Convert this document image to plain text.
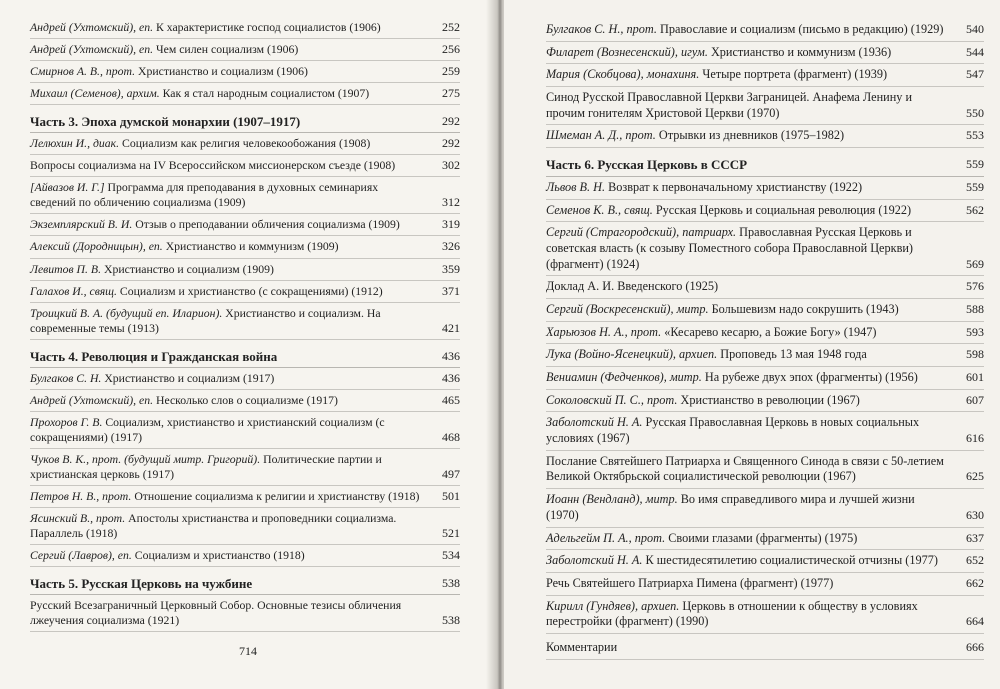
Андрей (Ухтомский), еп. К характеристике господ социалистов (1906)	252
Андрей (Ухтомский), еп. Чем силен социализм (1906)	256
Смирнов А. В., прот. Христианство и социализм (1906)	259
Михаил (Семенов), архим. Как я стал народным социалистом (1907)	275
Часть 3. Эпоха думской монархии (1907–1917)	292
Лелюхин И., диак. Социализм как религия человекообожания (1908)	292
Вопросы социализма на IV Всероссийском миссионерском съезде (1908)	302
[Айвазов И. Г.] Программа для преподавания в духовных семинариях сведений по обличению социализма (1909)	312
Экземплярский В. И. Отзыв о преподавании обличения социализма (1909)	319
Алексий (Дородницын), еп. Христианство и коммунизм (1909)	326
Левитов П. В. Христианство и социализм (1909)	359
Галахов И., свящ. Социализм и христианство (с сокращениями) (1912)	371
Троицкий В. А. (будущий еп. Иларион). Христианство и социализм. На современные темы (1913)	421
Часть 4. Революция и Гражданская война	436
Булгаков С. Н. Христианство и социализм (1917)	436
Андрей (Ухтомский), еп. Несколько слов о социализме (1917)	465
Прохоров Г. В. Социализм, христианство и христианский социализм (с сокращениями) (1917)	468
Чуков В. К., прот. (будущий митр. Григорий). Политические партии и христианская церковь (1917)	497
Петров Н. В., прот. Отношение социализма к религии и христианству (1918)	501
Ясинский В., прот. Апостолы христианства и проповедники социализма. Параллель (1918)	521
Сергий (Лавров), еп. Социализм и христианство (1918)	534
Часть 5. Русская Церковь на чужбине	538
Русский Всезаграничный Церковный Собор. Основные тезисы обличения лжеучения социализма (1921)	538
714
Булгаков С. Н., прот. Православие и социализм (письмо в редакцию) (1929)	540
Филарет (Вознесенский), игум. Христианство и коммунизм (1936)	544
Мария (Скобцова), монахиня. Четыре портрета (фрагмент) (1939)	547
Синод Русской Православной Церкви Заграницей. Анафема Ленину и прочим гонителям Христовой Церкви (1970)	550
Шмеман А. Д., прот. Отрывки из дневников (1975–1982)	553
Часть 6. Русская Церковь в СССР	559
Львов В. Н. Возврат к первоначальному христианству (1922)	559
Семенов К. В., свящ. Русская Церковь и социальная революция (1922)	562
Сергий (Страгородский), патриарх. Православная Русская Церковь и советская власть (к созыву Поместного собора Православной Церкви) (фрагмент) (1924)	569
Доклад А. И. Введенского (1925)	576
Сергий (Воскресенский), митр. Большевизм надо сокрушить (1943)	588
Харьюзов Н. А., прот. «Кесарево кесарю, а Божие Богу» (1947)	593
Лука (Войно-Ясенецкий), архиеп. Проповедь 13 мая 1948 года	598
Вениамин (Федченков), митр. На рубеже двух эпох (фрагменты) (1956)	601
Соколовский П. С., прот. Христианство в революции (1967)	607
Заболотский Н. А. Русская Православная Церковь в новых социальных условиях (1967)	616
Послание Святейшего Патриарха и Священного Синода в связи с 50-летием Великой Октябрьской социалистической революции (1967)	625
Иоанн (Вендланд), митр. Во имя справедливого мира и лучшей жизни (1970)	630
Адельгейм П. А., прот. Своими глазами (фрагменты) (1975)	637
Заболотский Н. А. К шестидесятилетию социалистической отчизны (1977)	652
Речь Святейшего Патриарха Пимена (фрагмент) (1977)	662
Кирилл (Гундяев), архиеп. Церковь в отношении к обществу в условиях перестройки (фрагмент) (1990)	664
Комментарии	666
